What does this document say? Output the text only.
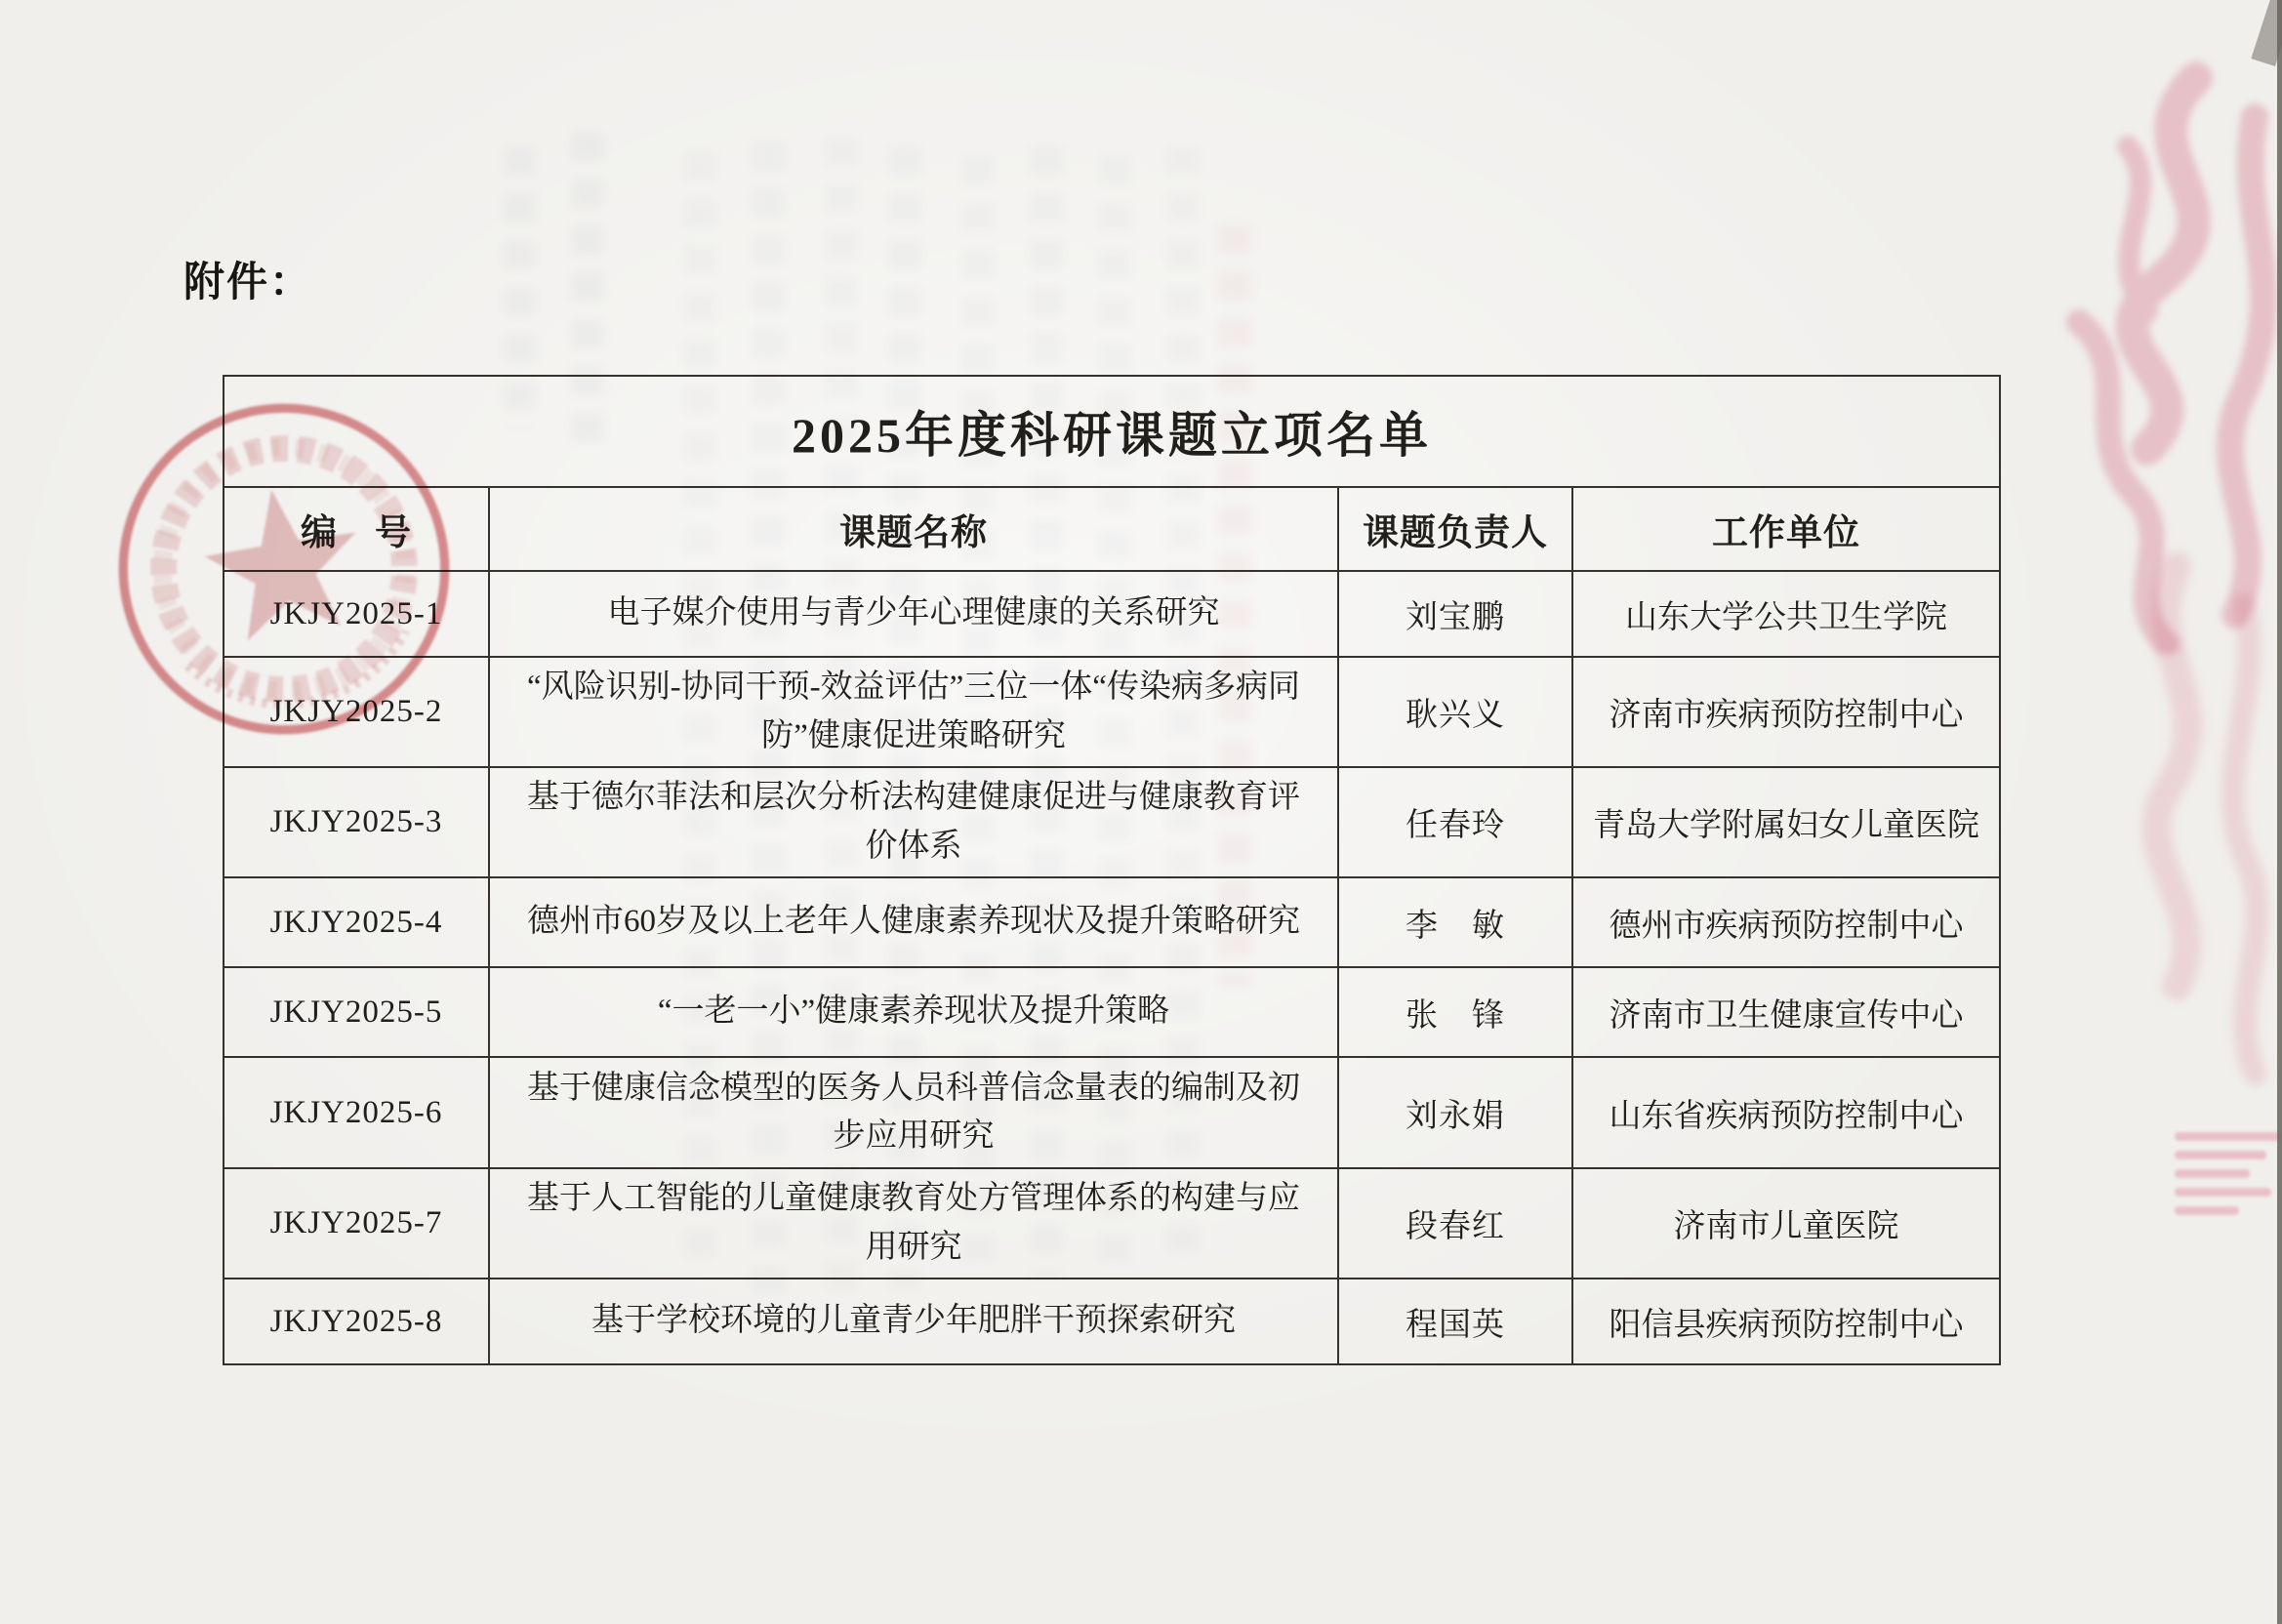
附件：
2025年度科研课题立项名单			
编　号	课题名称	课题负责人	工作单位
JKJY2025-1	电子媒介使用与青少年心理健康的关系研究	刘宝鹏	山东大学公共卫生学院
JKJY2025-2	“风险识别-协同干预-效益评估”三位一体“传染病多病同防”健康促进策略研究	耿兴义	济南市疾病预防控制中心
JKJY2025-3	基于德尔菲法和层次分析法构建健康促进与健康教育评价体系	任春玲	青岛大学附属妇女儿童医院
JKJY2025-4	德州市60岁及以上老年人健康素养现状及提升策略研究	李　敏	德州市疾病预防控制中心
JKJY2025-5	“一老一小”健康素养现状及提升策略	张　锋	济南市卫生健康宣传中心
JKJY2025-6	基于健康信念模型的医务人员科普信念量表的编制及初步应用研究	刘永娟	山东省疾病预防控制中心
JKJY2025-7	基于人工智能的儿童健康教育处方管理体系的构建与应用研究	段春红	济南市儿童医院
JKJY2025-8	基于学校环境的儿童青少年肥胖干预探索研究	程国英	阳信县疾病预防控制中心
